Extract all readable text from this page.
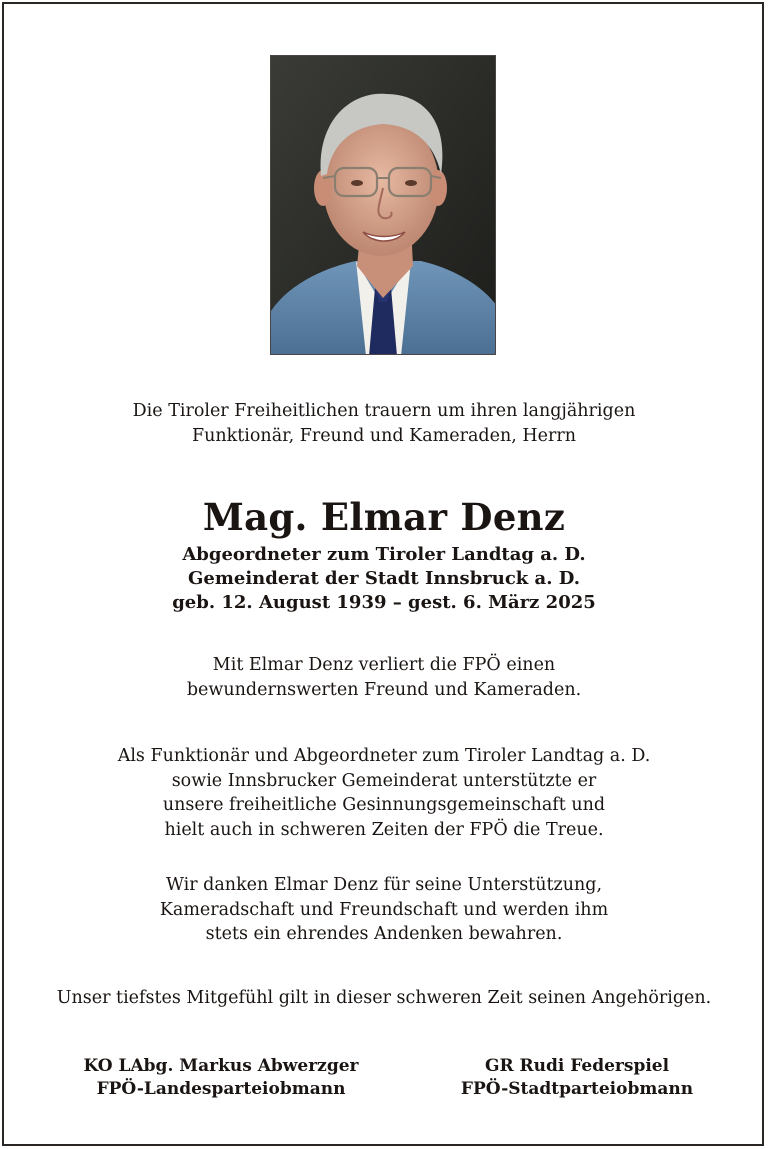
Die Tiroler Freiheitlichen trauern um ihren langjährigen
Funktionär, Freund und Kameraden, Herrn
Mag. Elmar Denz
Abgeordneter zum Tiroler Landtag a. D.
Gemeinderat der Stadt Innsbruck a. D.
geb. 12. August 1939 – gest. 6. März 2025
Mit Elmar Denz verliert die FPÖ einen
bewundernswerten Freund und Kameraden.
Als Funktionär und Abgeordneter zum Tiroler Landtag a. D.
sowie Innsbrucker Gemeinderat unterstützte er
unsere freiheitliche Gesinnungsgemeinschaft und
hielt auch in schweren Zeiten der FPÖ die Treue.
Wir danken Elmar Denz für seine Unterstützung,
Kameradschaft und Freundschaft und werden ihm
stets ein ehrendes Andenken bewahren.
Unser tiefstes Mitgefühl gilt in dieser schweren Zeit seinen Angehörigen.
KO LAbg. Markus Abwerzger
FPÖ-Landesparteiobmann
GR Rudi Federspiel
FPÖ-Stadtparteiobmann
